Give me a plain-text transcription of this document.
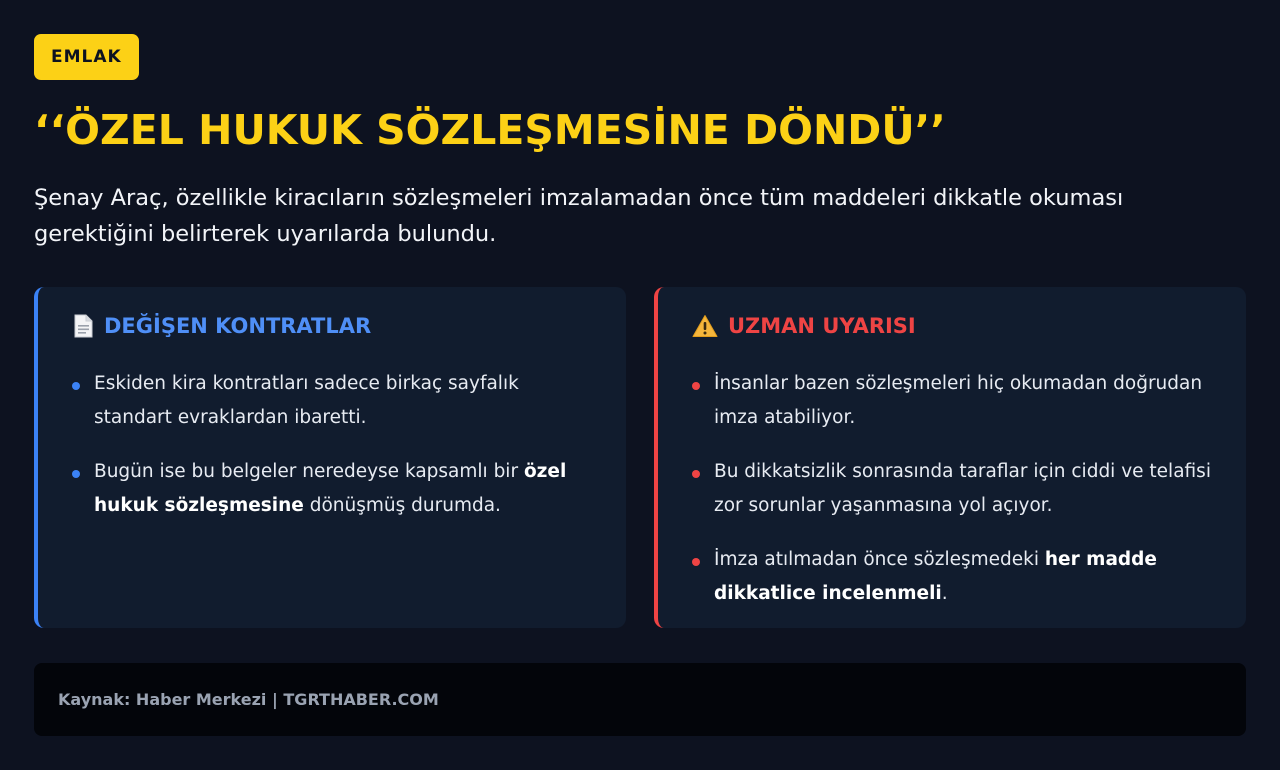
EMLAK
‘‘ÖZEL HUKUK SÖZLEŞMESİNE DÖNDÜ’’

Şenay Araç, özellikle kiracıların sözleşmeleri imzalamadan önce tüm maddeleri dikkatle okuması gerektiğini belirterek uyarılarda bulundu.

DEĞİŞEN KONTRATLAR
Eskiden kira kontratları sadece birkaç sayfalık standart evraklardan ibaretti.
Bugün ise bu belgeler neredeyse kapsamlı bir özel hukuk sözleşmesine dönüşmüş durumda.
UZMAN UYARISI
İnsanlar bazen sözleşmeleri hiç okumadan doğrudan imza atabiliyor.
Bu dikkatsizlik sonrasında taraflar için ciddi ve telafisi zor sorunlar yaşanmasına yol açıyor.
İmza atılmadan önce sözleşmedeki her madde dikkatlice incelenmeli.
Kaynak: Haber Merkezi | TGRTHABER.COM
